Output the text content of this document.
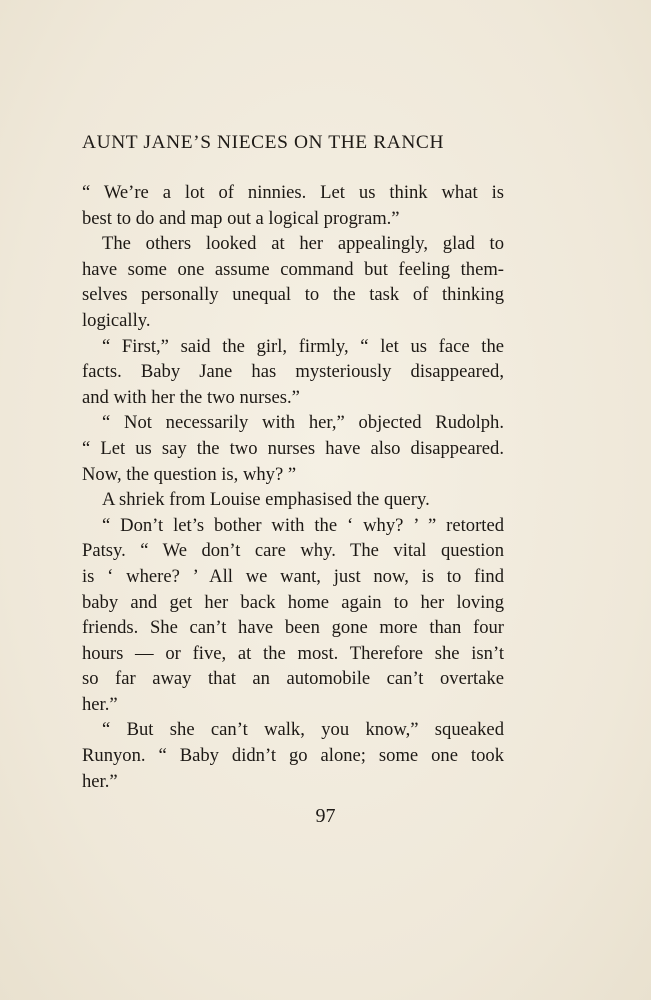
AUNT JANE’S NIECES ON THE RANCH
“ We’re a lot of ninnies. Let us think what is
best to do and map out a logical program.”
The others looked at her appealingly, glad to
have some one assume command but feeling them-
selves personally unequal to the task of thinking
logically.
“ First,” said the girl, firmly, “ let us face the
facts. Baby Jane has mysteriously disappeared,
and with her the two nurses.”
“ Not necessarily with her,” objected Rudolph.
“ Let us say the two nurses have also disappeared.
Now, the question is, why? ”
A shriek from Louise emphasised the query.
“ Don’t let’s bother with the ‘ why? ’ ” retorted
Patsy. “ We don’t care why. The vital question
is ‘ where? ’ All we want, just now, is to find
baby and get her back home again to her loving
friends. She can’t have been gone more than four
hours — or five, at the most. Therefore she isn’t
so far away that an automobile can’t overtake
her.”
“ But she can’t walk, you know,” squeaked
Runyon. “ Baby didn’t go alone; some one took
her.”
97
